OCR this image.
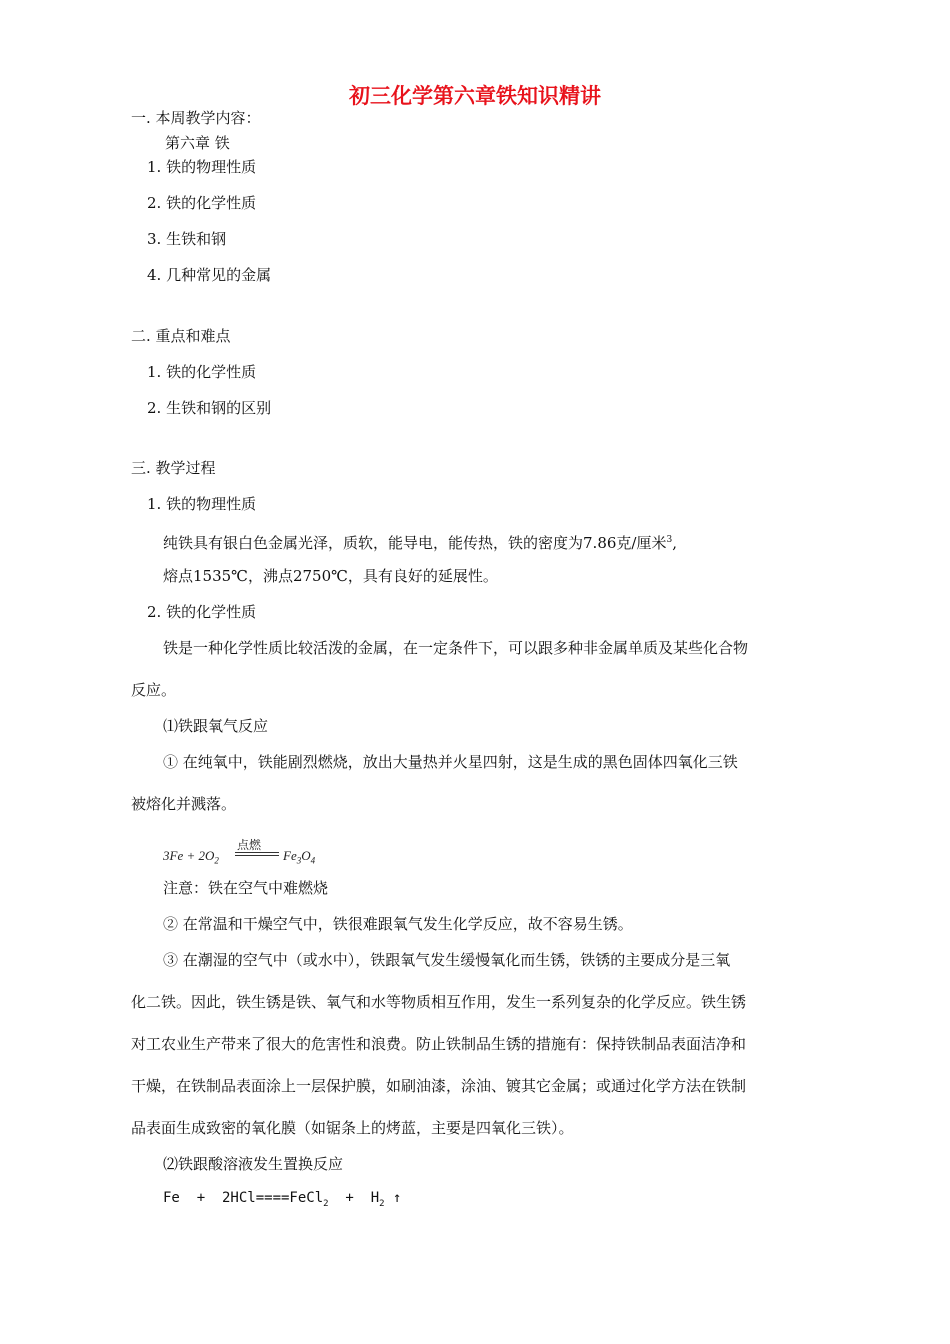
初三化学第六章铁知识精讲
一. 本周教学内容：
第六章 铁
1. 铁的物理性质
2. 铁的化学性质
3. 生铁和钢
4. 几种常见的金属
二. 重点和难点
1. 铁的化学性质
2. 生铁和钢的区别
三. 教学过程
1. 铁的物理性质
纯铁具有银白色金属光泽，质软，能导电，能传热，铁的密度为7.86克/厘米$^3$,
熔点1535℃，沸点2750℃，具有良好的延展性。
2. 铁的化学性质
铁是一种化学性质比较活泼的金属，在一定条件下，可以跟多种非金属单质及某些化合物
反应。
⑴铁跟氧气反应
① 在纯氧中，铁能剧烈燃烧，放出大量热并火星四射，这是生成的黑色固体四氧化三铁
被熔化并溅落。
$3Fe + 2O_2$
点燃
$Fe_3O_4$
注意：铁在空气中难燃烧
② 在常温和干燥空气中，铁很难跟氧气发生化学反应，故不容易生锈。
③ 在潮湿的空气中（或水中），铁跟氧气发生缓慢氧化而生锈，铁锈的主要成分是三氧
化二铁。因此，铁生锈是铁、氧气和水等物质相互作用，发生一系列复杂的化学反应。铁生锈
对工农业生产带来了很大的危害性和浪费。防止铁制品生锈的措施有：保持铁制品表面洁净和
干燥，在铁制品表面涂上一层保护膜，如刷油漆，涂油、镀其它金属；或通过化学方法在铁制
品表面生成致密的氧化膜（如锯条上的烤蓝，主要是四氧化三铁）。
⑵铁跟酸溶液发生置换反应
Fe  +  2HCl====FeCl$_2$  +  $H_2$ ↑
